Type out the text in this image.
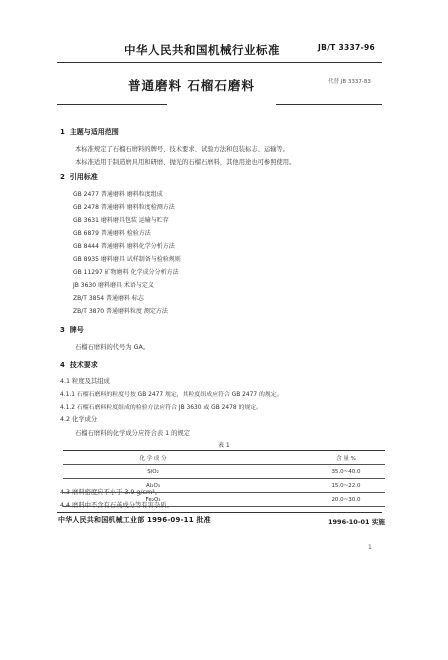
中华人民共和国机械行业标准	JB/T 3337-96
普通磨料 石榴石磨料	代替 JB 3337-83
1 主题与适用范围
本标准规定了石榴石磨料的牌号、技术要求、试验方法和包装标志、运输等。
本标准适用于制造磨具用和研磨、抛光的石榴石磨料，其他用途也可参照使用。
2 引用标准
GB 2477 普通磨料 磨料粒度组成
GB 2478 普通磨料 磨料粒度检测方法
GB 3631 磨料磨具包装 运输与贮存
GB 6879 普通磨料 检验方法
GB 8444 普通磨料 磨料化学分析方法
GB 8935 磨料磨具 试样制备与检验规则
GB 11297 矿物磨料 化学成分分析方法
JB 3630 磨料磨具 术语与定义
ZB/T 3854 普通磨料 标志
ZB/T 3870 普通磨料粒度 测定方法
3 牌号
石榴石磨料的代号为 GA。
4 技术要求
4.1 粒度及其组成
4.1.1 石榴石磨料的粒度号按 GB 2477 规定，其粒度组成应符合 GB 2477 的规定。
4.1.2 石榴石磨料粒度组成的检验方法应符合 JB 3630 或 GB 2478 的规定。
4.2 化学成分
石榴石磨料的化学成分应符合表 1 的规定
表 1
化 学 成 分		含 量 %
SiO₂		35.0~40.0
Al₂O₃		15.0~22.0
Fe₂O₃		20.0~30.0
4.3 磨料密度应不小于 3.9 g/cm³。
4.4 磨料中不含有石英成分等有害杂质。
中华人民共和国机械工业部 1996-09-11 批准	1996-10-01 实施
1
